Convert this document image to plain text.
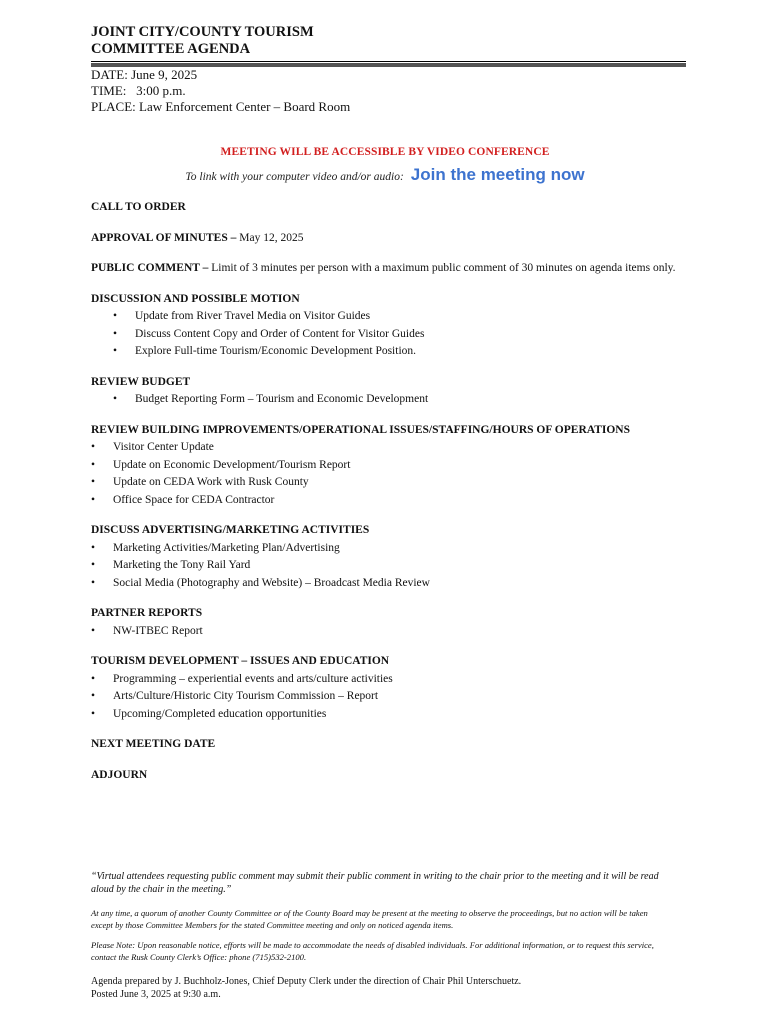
JOINT CITY/COUNTY TOURISM
COMMITTEE AGENDA
DATE: June 9, 2025
TIME:   3:00 p.m.
PLACE: Law Enforcement Center – Board Room
MEETING WILL BE ACCESSIBLE BY VIDEO CONFERENCE
To link with your computer video and/or audio: Join the meeting now
CALL TO ORDER
APPROVAL OF MINUTES – May 12, 2025
PUBLIC COMMENT – Limit of 3 minutes per person with a maximum public comment of 30 minutes on agenda items only.
DISCUSSION AND POSSIBLE MOTION
• Update from River Travel Media on Visitor Guides
• Discuss Content Copy and Order of Content for Visitor Guides
• Explore Full-time Tourism/Economic Development Position.
REVIEW BUDGET
• Budget Reporting Form – Tourism and Economic Development
REVIEW BUILDING IMPROVEMENTS/OPERATIONAL ISSUES/STAFFING/HOURS OF OPERATIONS
• Visitor Center Update
• Update on Economic Development/Tourism Report
• Update on CEDA Work with Rusk County
• Office Space for CEDA Contractor
DISCUSS ADVERTISING/MARKETING ACTIVITIES
• Marketing Activities/Marketing Plan/Advertising
• Marketing the Tony Rail Yard
• Social Media (Photography and Website) – Broadcast Media Review
PARTNER REPORTS
• NW-ITBEC Report
TOURISM DEVELOPMENT – ISSUES AND EDUCATION
• Programming – experiential events and arts/culture activities
• Arts/Culture/Historic City Tourism Commission – Report
• Upcoming/Completed education opportunities
NEXT MEETING DATE
ADJOURN
“Virtual attendees requesting public comment may submit their public comment in writing to the chair prior to the meeting and it will be read aloud by the chair in the meeting.”
At any time, a quorum of another County Committee or of the County Board may be present at the meeting to observe the proceedings, but no action will be taken except by those Committee Members for the stated Committee meeting and only on noticed agenda items.
Please Note: Upon reasonable notice, efforts will be made to accommodate the needs of disabled individuals. For additional information, or to request this service, contact the Rusk County Clerk’s Office: phone (715)532-2100.
Agenda prepared by J. Buchholz-Jones, Chief Deputy Clerk under the direction of Chair Phil Unterschuetz.
Posted June 3, 2025 at 9:30 a.m.
